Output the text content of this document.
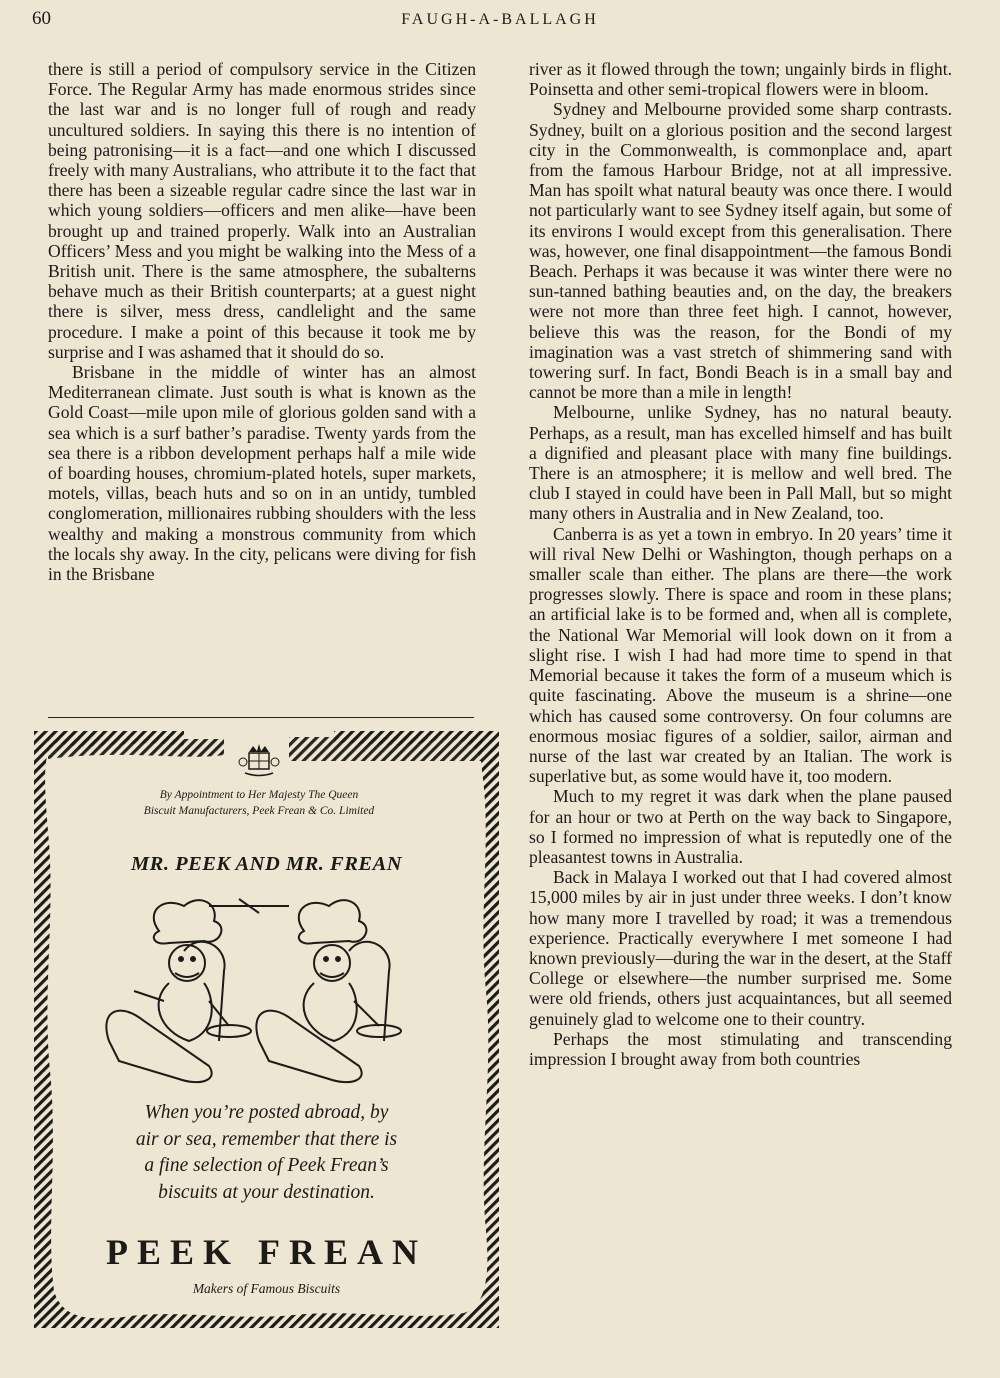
60	FAUGH-A-BALLAGH

there is still a period of compulsory service in the Citizen Force. The Regular Army has made enormous strides since the last war and is no longer full of rough and ready uncultured soldiers. In saying this there is no intention of being patronising—it is a fact—and one which I discussed freely with many Australians, who attribute it to the fact that there has been a sizeable regular cadre since the last war in which young soldiers—officers and men alike—have been brought up and trained properly. Walk into an Australian Officers’ Mess and you might be walking into the Mess of a British unit. There is the same atmosphere, the subalterns behave much as their British counterparts; at a guest night there is silver, mess dress, candlelight and the same procedure. I make a point of this because it took me by surprise and I was ashamed that it should do so.

Brisbane in the middle of winter has an almost Mediterranean climate. Just south is what is known as the Gold Coast—mile upon mile of glorious golden sand with a sea which is a surf bather’s paradise. Twenty yards from the sea there is a ribbon development perhaps half a mile wide of boarding houses, chromium-plated hotels, super markets, motels, villas, beach huts and so on in an untidy, tumbled conglomeration, millionaires rubbing shoulders with the less wealthy and making a monstrous community from which the locals shy away. In the city, pelicans were diving for fish in the Brisbane

river as it flowed through the town; ungainly birds in flight. Poinsetta and other semi-tropical flowers were in bloom.

Sydney and Melbourne provided some sharp contrasts. Sydney, built on a glorious position and the second largest city in the Commonwealth, is commonplace and, apart from the famous Harbour Bridge, not at all impressive. Man has spoilt what natural beauty was once there. I would not particularly want to see Sydney itself again, but some of its environs I would except from this generalisation. There was, however, one final disappointment—the famous Bondi Beach. Perhaps it was because it was winter there were no sun-tanned bathing beauties and, on the day, the breakers were not more than three feet high. I cannot, however, believe this was the reason, for the Bondi of my imagination was a vast stretch of shimmering sand with towering surf. In fact, Bondi Beach is in a small bay and cannot be more than a mile in length!

Melbourne, unlike Sydney, has no natural beauty. Perhaps, as a result, man has excelled himself and has built a dignified and pleasant place with many fine buildings. There is an atmosphere; it is mellow and well bred. The club I stayed in could have been in Pall Mall, but so might many others in Australia and in New Zealand, too.

Canberra is as yet a town in embryo. In 20 years’ time it will rival New Delhi or Washington, though perhaps on a smaller scale than either. The plans are there—the work progresses slowly. There is space and room in these plans; an artificial lake is to be formed and, when all is complete, the National War Memorial will look down on it from a slight rise. I wish I had had more time to spend in that Memorial because it takes the form of a museum which is quite fascinating. Above the museum is a shrine—one which has caused some controversy. On four columns are enormous mosiac figures of a soldier, sailor, airman and nurse of the last war created by an Italian. The work is superlative but, as some would have it, too modern.

Much to my regret it was dark when the plane paused for an hour or two at Perth on the way back to Singapore, so I formed no impression of what is reputedly one of the pleasantest towns in Australia.

Back in Malaya I worked out that I had covered almost 15,000 miles by air in just under three weeks. I don’t know how many more I travelled by road; it was a tremendous experience. Practically everywhere I met someone I had known previously—during the war in the desert, at the Staff College or elsewhere—the number surprised me. Some were old friends, others just acquaintances, but all seemed genuinely glad to welcome one to their country.

Perhaps the most stimulating and transcending impression I brought away from both countries

By Appointment to Her Majesty The Queen
Biscuit Manufacturers, Peek Frean & Co. Limited
MR. PEEK AND MR. FREAN
When you’re posted abroad, by
air or sea, remember that there is
a fine selection of Peek Frean’s
biscuits at your destination.
PEEK FREAN
Makers of Famous Biscuits
